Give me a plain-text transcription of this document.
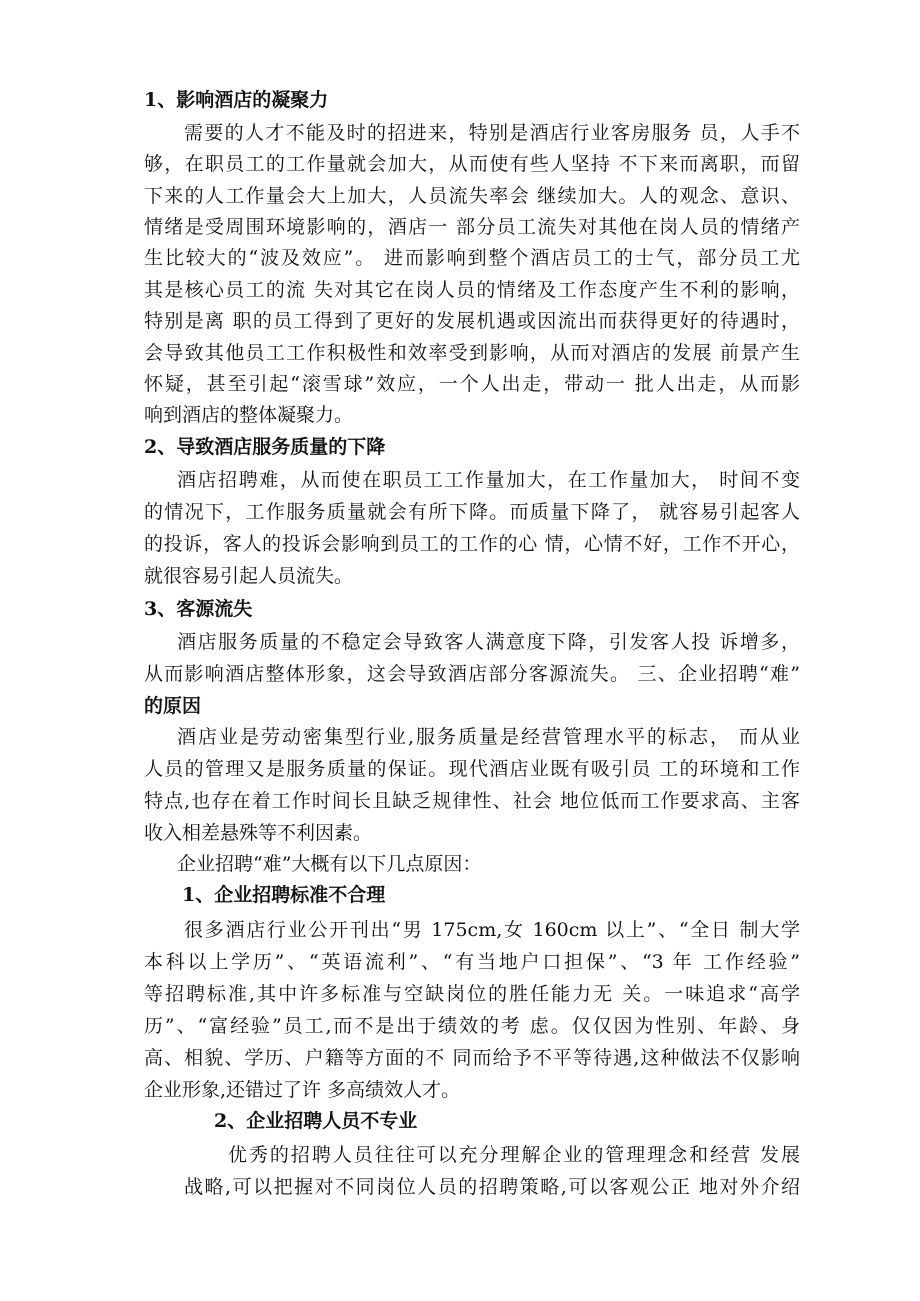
1、影响酒店的凝聚力
需要的人才不能及时的招进来，特别是酒店行业客房服务 员，人手不
够，在职员工的工作量就会加大，从而使有些人坚持 不下来而离职，而留
下来的人工作量会大上加大，人员流失率会 继续加大。人的观念、意识、
情绪是受周围环境影响的，酒店一 部分员工流失对其他在岗人员的情绪产
生比较大的“波及效应”。 进而影响到整个酒店员工的士气，部分员工尤
其是核心员工的流 失对其它在岗人员的情绪及工作态度产生不利的影响，
特别是离 职的员工得到了更好的发展机遇或因流出而获得更好的待遇时，
会导致其他员工工作积极性和效率受到影响，从而对酒店的发展 前景产生
怀疑，甚至引起“滚雪球”效应，一个人出走，带动一 批人出走，从而影
响到酒店的整体凝聚力。
2、导致酒店服务质量的下降
酒店招聘难，从而使在职员工工作量加大，在工作量加大， 时间不变
的情况下，工作服务质量就会有所下降。而质量下降了， 就容易引起客人
的投诉，客人的投诉会影响到员工的工作的心 情，心情不好，工作不开心，
就很容易引起人员流失。
3、客源流失
酒店服务质量的不稳定会导致客人满意度下降，引发客人投 诉增多，
从而影响酒店整体形象，这会导致酒店部分客源流失。 三、企业招聘“难”
的原因
酒店业是劳动密集型行业,服务质量是经营管理水平的标志， 而从业
人员的管理又是服务质量的保证。现代酒店业既有吸引员 工的环境和工作
特点,也存在着工作时间长且缺乏规律性、社会 地位低而工作要求高、主客
收入相差悬殊等不利因素。
企业招聘“难”大概有以下几点原因：
1、企业招聘标准不合理
很多酒店行业公开刊出“男 175cm,女 160cm 以上”、“全日 制大学
本科以上学历”、“英语流利”、“有当地户口担保”、“3 年 工作经验”
等招聘标准,其中许多标准与空缺岗位的胜任能力无 关。一味追求“高学
历”、“富经验”员工,而不是出于绩效的考 虑。仅仅因为性别、年龄、身
高、相貌、学历、户籍等方面的不 同而给予不平等待遇,这种做法不仅影响
企业形象,还错过了许 多高绩效人才。
2、企业招聘人员不专业
优秀的招聘人员往往可以充分理解企业的管理理念和经营 发展
战略,可以把握对不同岗位人员的招聘策略,可以客观公正 地对外介绍
